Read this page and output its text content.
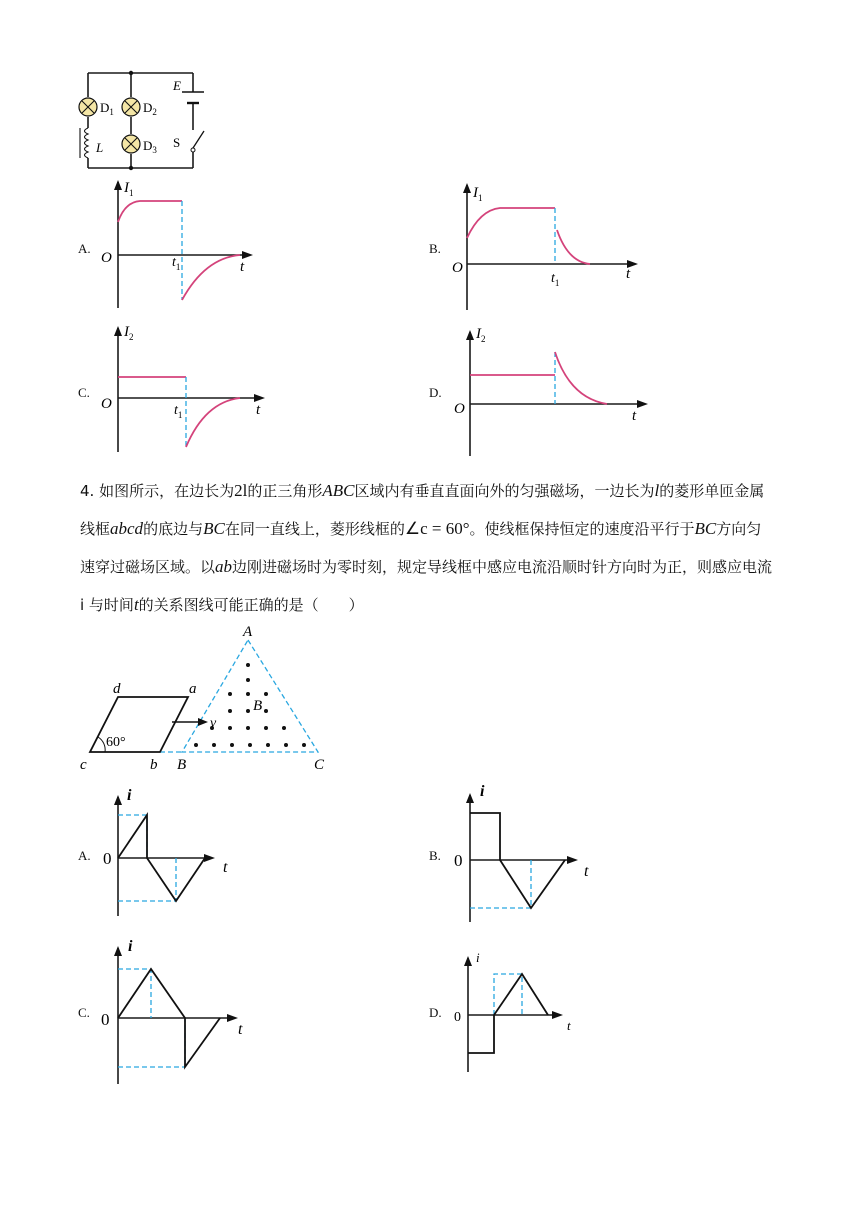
$D_1$ $D_2$
$D_3$
E
S
L
A.
$I_1$
O
t
$t_1$
B.
$I_1$
O	t
$t_1$
C.
$I_2$
O	t
$t_1$
D.
$I_2$
O	t
4. 如图所示，在边长为2l的正三角形ABC区域内有垂直直面向外的匀强磁场，一边长为l的菱形单匝金属
线框abcd的底边与BC在同一直线上，菱形线框的∠c = 60°。使线框保持恒定的速度沿平行于BC方向匀
速穿过磁场区域。以ab边刚进磁场时为零时刻，规定导线框中感应电流沿顺时针方向时为正，则感应电流
i 与时间t的关系图线可能正确的是（　　）
A
B
B	C
a
b
c
d
v
60°
A.
i
0	t
B.
i
0
t
C.
i
0
t
D.
i
0
t
